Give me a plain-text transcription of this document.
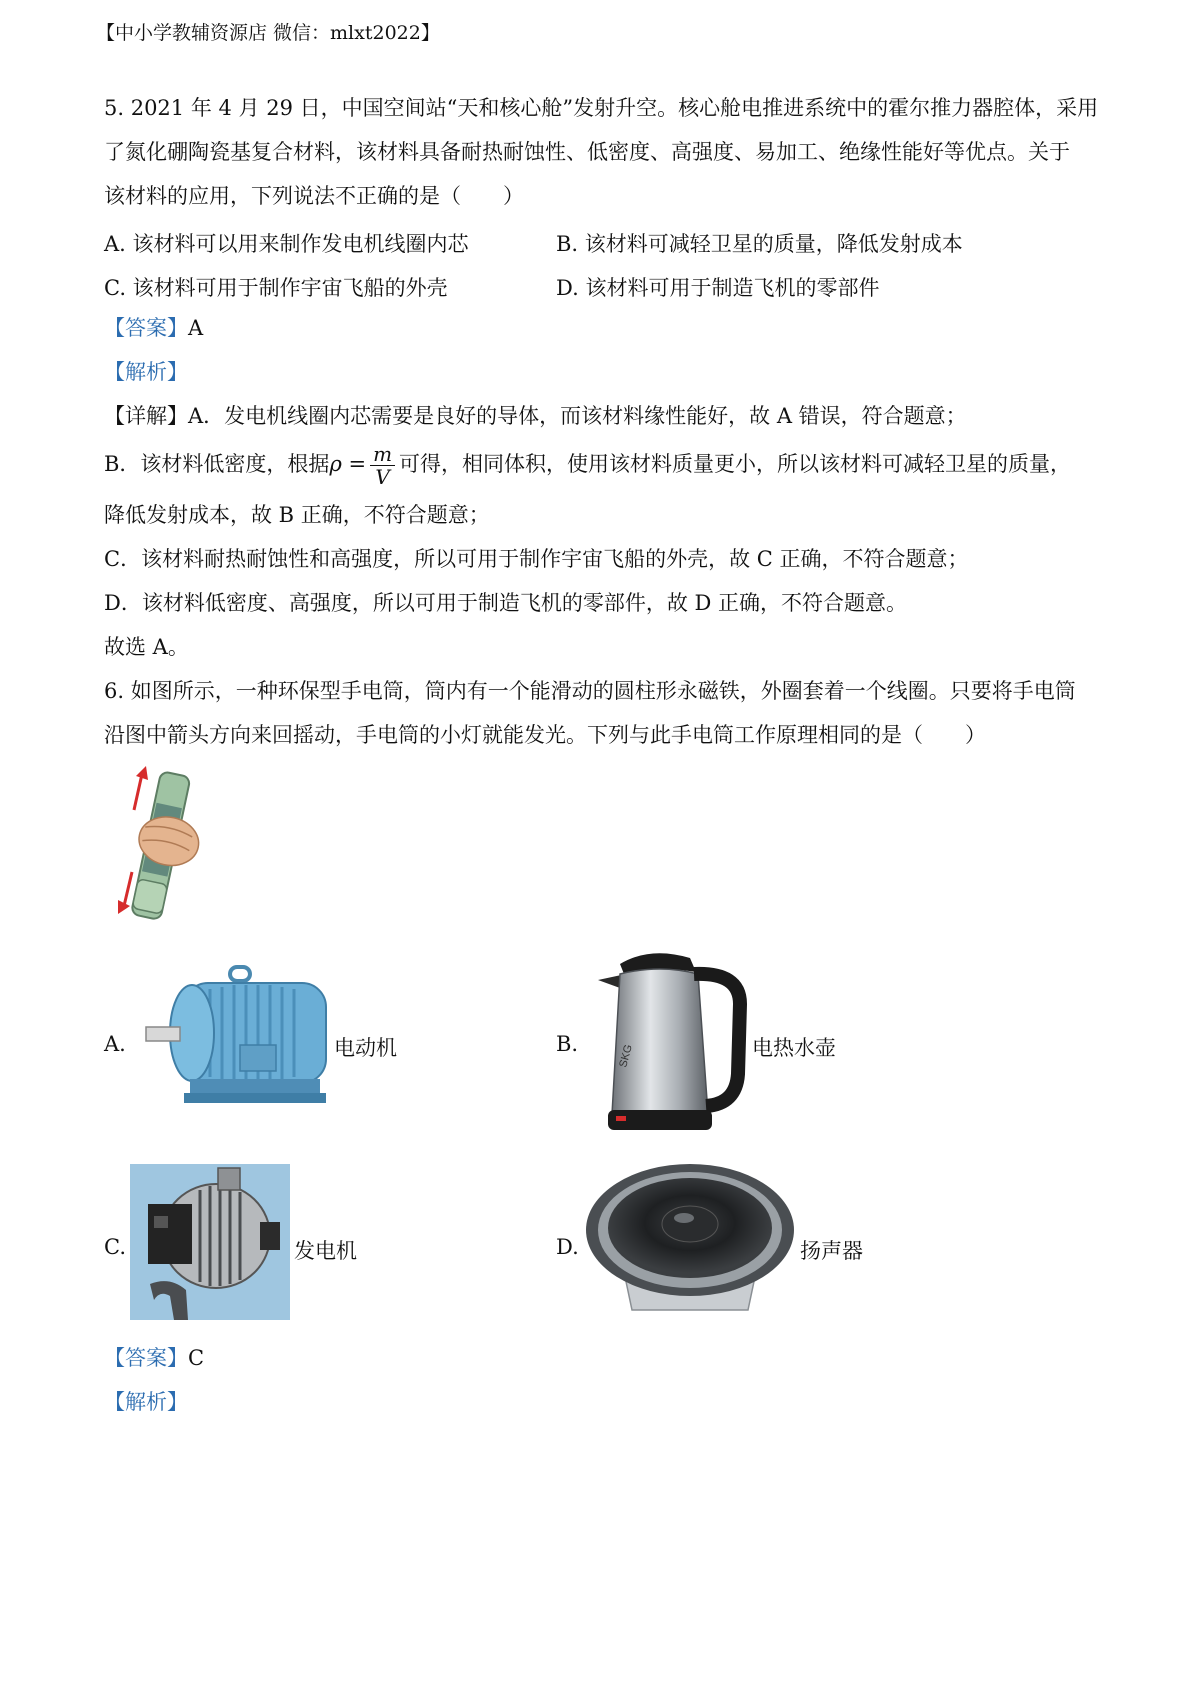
【中小学教辅资源店 微信：mlxt2022】
5. 2021 年 4 月 29 日，中国空间站“天和核心舱”发射升空。核心舱电推进系统中的霍尔推力器腔体，采用
了氮化硼陶瓷基复合材料，该材料具备耐热耐蚀性、低密度、高强度、易加工、绝缘性能好等优点。关于
该材料的应用，下列说法不正确的是（　　）
A. 该材料可以用来制作发电机线圈内芯	B. 该材料可减轻卫星的质量，降低发射成本
C. 该材料可用于制作宇宙飞船的外壳	D. 该材料可用于制造飞机的零部件
【答案】A
【解析】
【详解】A．发电机线圈内芯需要是良好的导体，而该材料缘性能好，故 A 错误，符合题意；
B．该材料低密度，根据$\rho = \frac{m}{V}$ 可得，相同体积，使用该材料质量更小，所以该材料可减轻卫星的质量，
降低发射成本，故 B 正确，不符合题意；
C．该材料耐热耐蚀性和高强度，所以可用于制作宇宙飞船的外壳，故 C 正确，不符合题意；
D．该材料低密度、高强度，所以可用于制造飞机的零部件，故 D 正确，不符合题意。
故选 A。
6. 如图所示，一种环保型手电筒，筒内有一个能滑动的圆柱形永磁铁，外圈套着一个线圈。只要将手电筒
沿图中箭头方向来回摇动，手电筒的小灯就能发光。下列与此手电筒工作原理相同的是（　　）
A.	电动机	B.	SKG	电热水壶
C.	发电机	D.	扬声器
【答案】C
【解析】
